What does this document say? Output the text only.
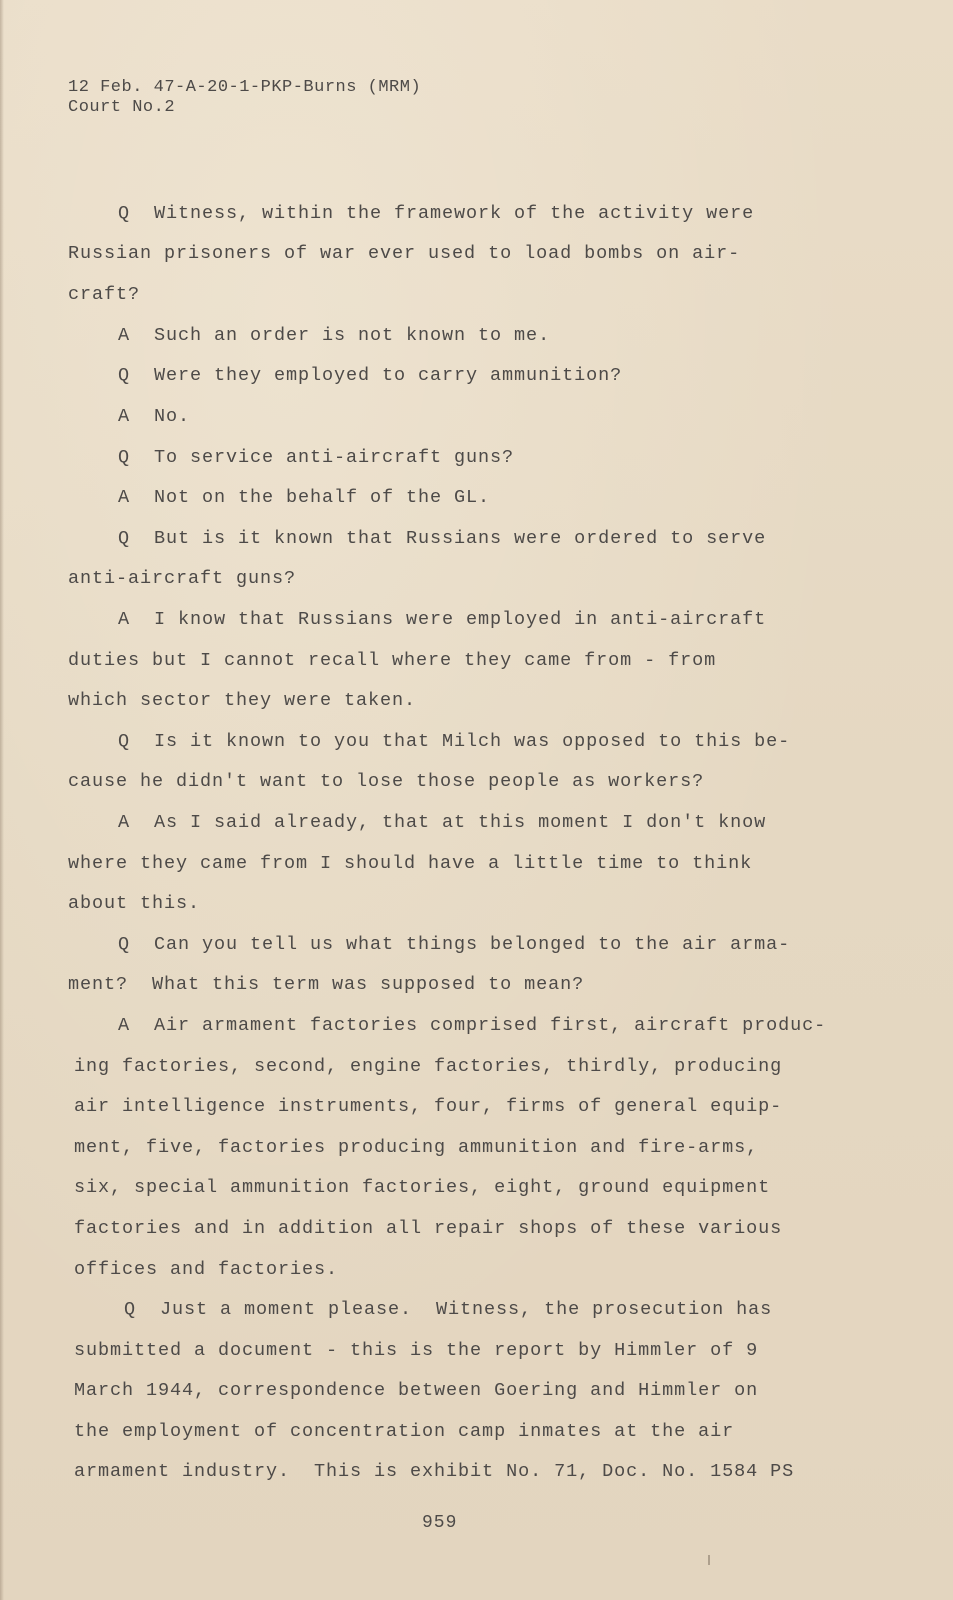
12 Feb. 47-A-20-1-PKP-Burns (MRM)
Court No.2
Q  Witness, within the framework of the activity were
Russian prisoners of war ever used to load bombs on air-
craft?
A  Such an order is not known to me.
Q  Were they employed to carry ammunition?
A  No.
Q  To service anti-aircraft guns?
A  Not on the behalf of the GL.
Q  But is it known that Russians were ordered to serve
anti-aircraft guns?
A  I know that Russians were employed in anti-aircraft
duties but I cannot recall where they came from - from
which sector they were taken.
Q  Is it known to you that Milch was opposed to this be-
cause he didn't want to lose those people as workers?
A  As I said already, that at this moment I don't know
where they came from I should have a little time to think
about this.
Q  Can you tell us what things belonged to the air arma-
ment?  What this term was supposed to mean?
A  Air armament factories comprised first, aircraft produc-
ing factories, second, engine factories, thirdly, producing
air intelligence instruments, four, firms of general equip-
ment, five, factories producing ammunition and fire-arms,
six, special ammunition factories, eight, ground equipment
factories and in addition all repair shops of these various
offices and factories.
Q  Just a moment please.  Witness, the prosecution has
submitted a document - this is the report by Himmler of 9
March 1944, correspondence between Goering and Himmler on
the employment of concentration camp inmates at the air
armament industry.  This is exhibit No. 71, Doc. No. 1584 PS
959
